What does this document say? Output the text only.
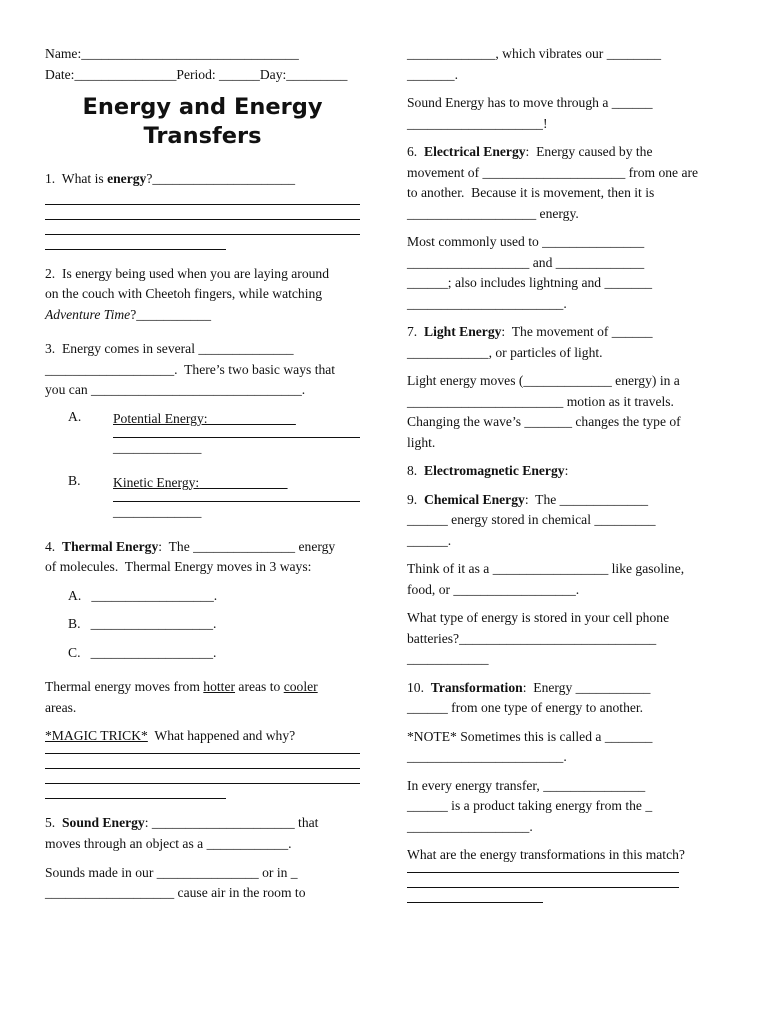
Name:________________________________

Date:_______________Period: ______Day:_________

Energy and Energy Transfers

1.  What is energy?_____________________

2.  Is energy being used when you are laying around

on the couch with Cheetoh fingers, while watching

Adventure Time?___________

3.  Energy comes in several ______________

___________________.  There’s two basic ways that

you can _______________________________.

A.	Potential Energy:

_____________

B.	Kinetic Energy:

_____________

4.  Thermal Energy:  The _______________ energy

of molecules.  Thermal Energy moves in 3 ways:

A.   __________________.

B.   __________________.

C.   __________________.

Thermal energy moves from hotter areas to cooler

areas.

*MAGIC TRICK*  What happened and why?

5.  Sound Energy: _____________________ that

moves through an object as a ____________.

Sounds made in our _______________ or in _

___________________ cause air in the room to

_____________, which vibrates our ________

_______.

Sound Energy has to move through a ______

____________________!

6.  Electrical Energy:  Energy caused by the

movement of _____________________ from one are

to another.  Because it is movement, then it is

___________________ energy.

Most commonly used to _______________

__________________ and _____________

______; also includes lightning and _______

_______________________.

7.  Light Energy:  The movement of ______

____________, or particles of light.

Light energy moves (_____________ energy) in a

_______________________ motion as it travels.

Changing the wave’s _______ changes the type of

light.

8.  Electromagnetic Energy:

9.  Chemical Energy:  The _____________

______ energy stored in chemical _________

______.

Think of it as a _________________ like gasoline,

food, or __________________.

What type of energy is stored in your cell phone

batteries?_____________________________

____________

10.  Transformation:  Energy ___________

______ from one type of energy to another.

*NOTE* Sometimes this is called a _______

_______________________.

In every energy transfer, _______________

______ is a product taking energy from the _

__________________.

What are the energy transformations in this match?
